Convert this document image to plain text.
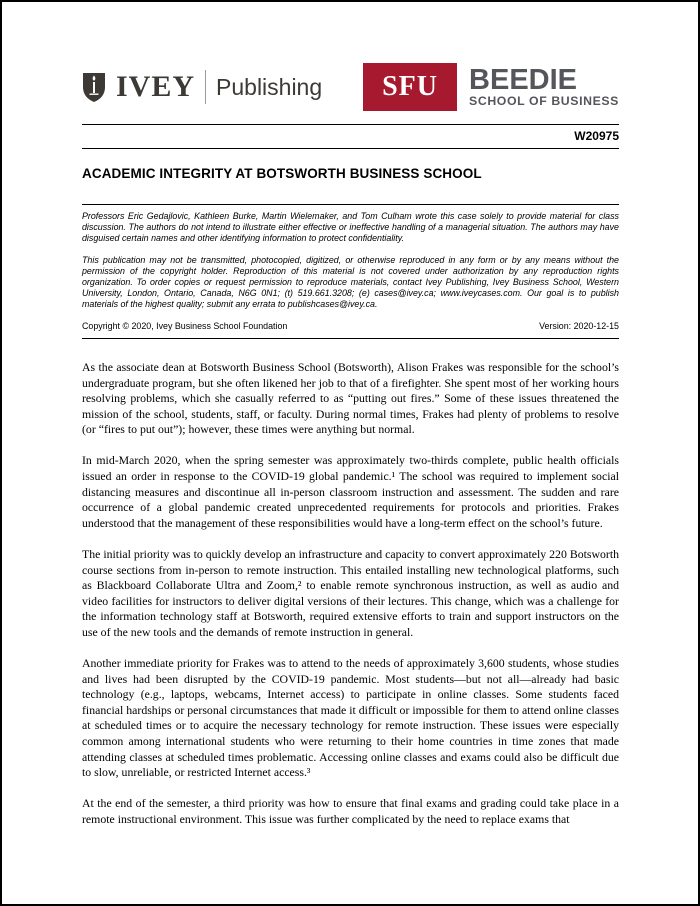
IVEY Publishing SFU BEEDIE
SCHOOL OF BUSINESS
W20975
ACADEMIC INTEGRITY AT BOTSWORTH BUSINESS SCHOOL

Professors Eric Gedajlovic, Kathleen Burke, Martin Wielemaker, and Tom Culham wrote this case solely to provide material for class discussion. The authors do not intend to illustrate either effective or ineffective handling of a managerial situation. The authors may have disguised certain names and other identifying information to protect confidentiality.

This publication may not be transmitted, photocopied, digitized, or otherwise reproduced in any form or by any means without the permission of the copyright holder. Reproduction of this material is not covered under authorization by any reproduction rights organization. To order copies or request permission to reproduce materials, contact Ivey Publishing, Ivey Business School, Western University, London, Ontario, Canada, N6G 0N1; (t) 519.661.3208; (e) cases@ivey.ca; www.iveycases.com. Our goal is to publish materials of the highest quality; submit any errata to publishcases@ivey.ca.

Copyright © 2020, Ivey Business School Foundation	Version: 2020-12-15

As the associate dean at Botsworth Business School (Botsworth), Alison Frakes was responsible for the school’s undergraduate program, but she often likened her job to that of a firefighter. She spent most of her working hours resolving problems, which she casually referred to as “putting out fires.” Some of these issues threatened the mission of the school, students, staff, or faculty. During normal times, Frakes had plenty of problems to resolve (or “fires to put out”); however, these times were anything but normal.

In mid-March 2020, when the spring semester was approximately two-thirds complete, public health officials issued an order in response to the COVID-19 global pandemic.¹ The school was required to implement social distancing measures and discontinue all in-person classroom instruction and assessment. The sudden and rare occurrence of a global pandemic created unprecedented requirements for protocols and priorities. Frakes understood that the management of these responsibilities would have a long-term effect on the school’s future.

The initial priority was to quickly develop an infrastructure and capacity to convert approximately 220 Botsworth course sections from in-person to remote instruction. This entailed installing new technological platforms, such as Blackboard Collaborate Ultra and Zoom,² to enable remote synchronous instruction, as well as audio and video facilities for instructors to deliver digital versions of their lectures. This change, which was a challenge for the information technology staff at Botsworth, required extensive efforts to train and support instructors on the use of the new tools and the demands of remote instruction in general.

Another immediate priority for Frakes was to attend to the needs of approximately 3,600 students, whose studies and lives had been disrupted by the COVID-19 pandemic. Most students—but not all—already had basic technology (e.g., laptops, webcams, Internet access) to participate in online classes. Some students faced financial hardships or personal circumstances that made it difficult or impossible for them to attend online classes at scheduled times or to acquire the necessary technology for remote instruction. These issues were especially common among international students who were returning to their home countries in time zones that made attending classes at scheduled times problematic. Accessing online classes and exams could also be difficult due to slow, unreliable, or restricted Internet access.³

At the end of the semester, a third priority was how to ensure that final exams and grading could take place in a remote instructional environment. This issue was further complicated by the need to replace exams that
